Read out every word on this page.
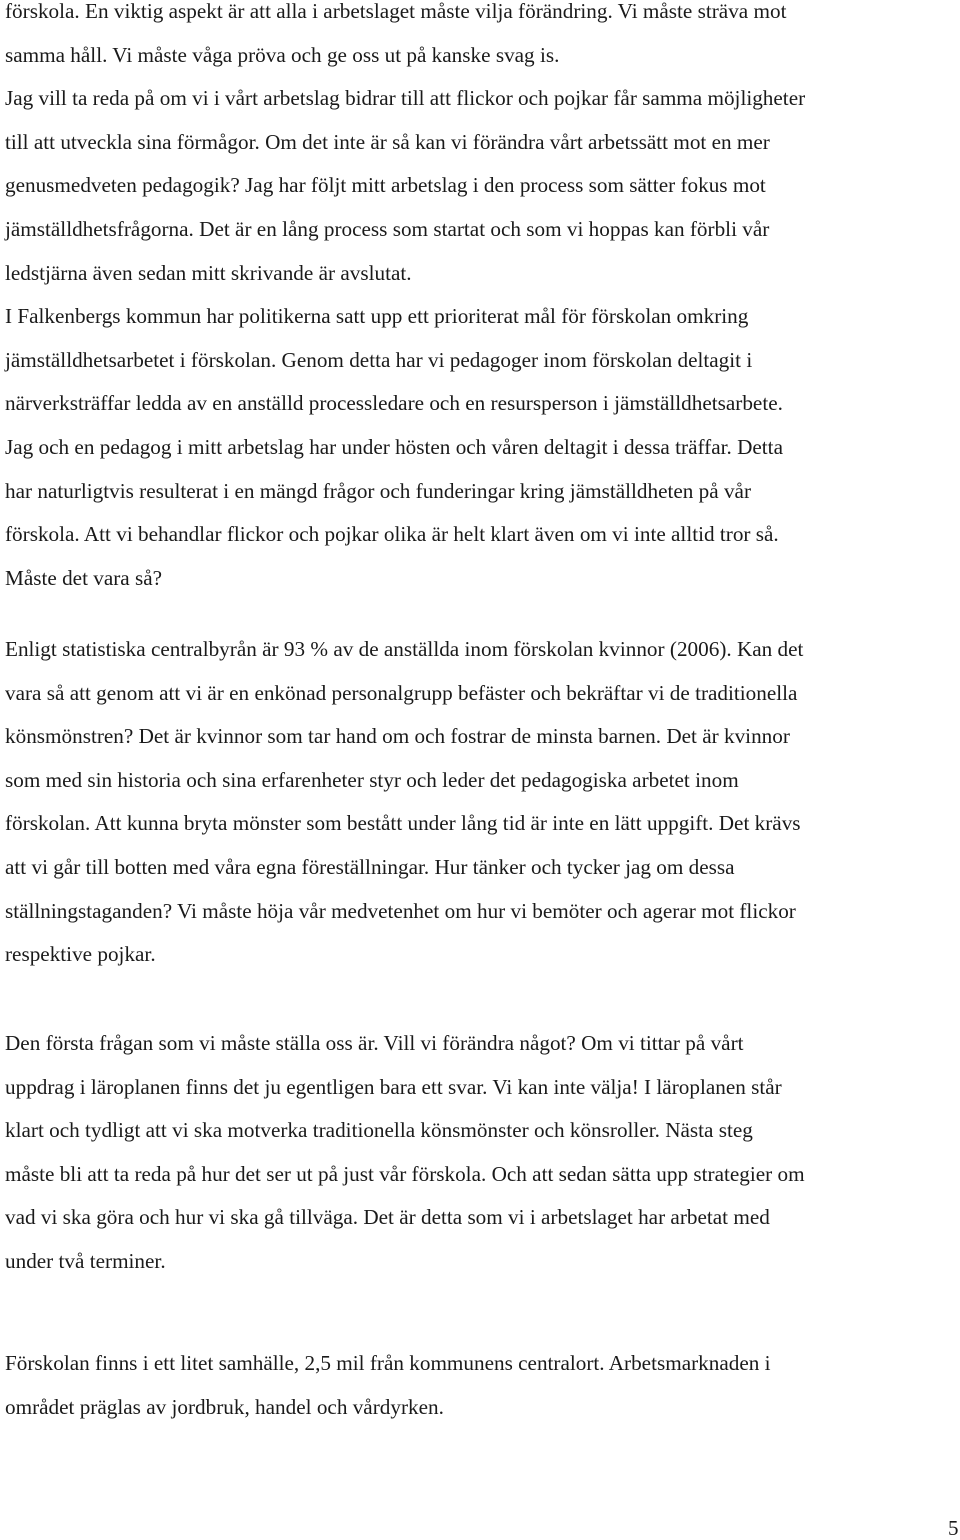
förskola. En viktig aspekt är att alla i arbetslaget måste vilja förändring. Vi måste sträva mot
samma håll. Vi måste våga pröva och ge oss ut på kanske svag is.
Jag vill ta reda på om vi i vårt arbetslag bidrar till att flickor och pojkar får samma möjligheter
till att utveckla sina förmågor. Om det inte är så kan vi förändra vårt arbetssätt mot en mer
genusmedveten pedagogik? Jag har följt mitt arbetslag i den process som sätter fokus mot
jämställdhetsfrågorna. Det är en lång process som startat och som vi hoppas kan förbli vår
ledstjärna även sedan mitt skrivande är avslutat.
I Falkenbergs kommun har politikerna satt upp ett prioriterat mål för förskolan omkring
jämställdhetsarbetet i förskolan. Genom detta har vi pedagoger inom förskolan deltagit i
närverksträffar ledda av en anställd processledare och en resursperson i jämställdhetsarbete.
Jag och en pedagog i mitt arbetslag har under hösten och våren deltagit i dessa träffar. Detta
har naturligtvis resulterat i en mängd frågor och funderingar kring jämställdheten på vår
förskola. Att vi behandlar flickor och pojkar olika är helt klart även om vi inte alltid tror så.
Måste det vara så?
Enligt statistiska centralbyrån är 93 % av de anställda inom förskolan kvinnor (2006). Kan det
vara så att genom att vi är en enkönad personalgrupp befäster och bekräftar vi de traditionella
könsmönstren? Det är kvinnor som tar hand om och fostrar de minsta barnen. Det är kvinnor
som med sin historia och sina erfarenheter styr och leder det pedagogiska arbetet inom
förskolan. Att kunna bryta mönster som bestått under lång tid är inte en lätt uppgift. Det krävs
att vi går till botten med våra egna föreställningar. Hur tänker och tycker jag om dessa
ställningstaganden? Vi måste höja vår medvetenhet om hur vi bemöter och agerar mot flickor
respektive pojkar.
Den första frågan som vi måste ställa oss är. Vill vi förändra något? Om vi tittar på vårt
uppdrag i läroplanen finns det ju egentligen bara ett svar. Vi kan inte välja! I läroplanen står
klart och tydligt att vi ska motverka traditionella könsmönster och könsroller. Nästa steg
måste bli att ta reda på hur det ser ut på just vår förskola. Och att sedan sätta upp strategier om
vad vi ska göra och hur vi ska gå tillväga. Det är detta som vi i arbetslaget har arbetat med
under två terminer.
Förskolan finns i ett litet samhälle, 2,5 mil från kommunens centralort. Arbetsmarknaden i
området präglas av jordbruk, handel och vårdyrken.
5
